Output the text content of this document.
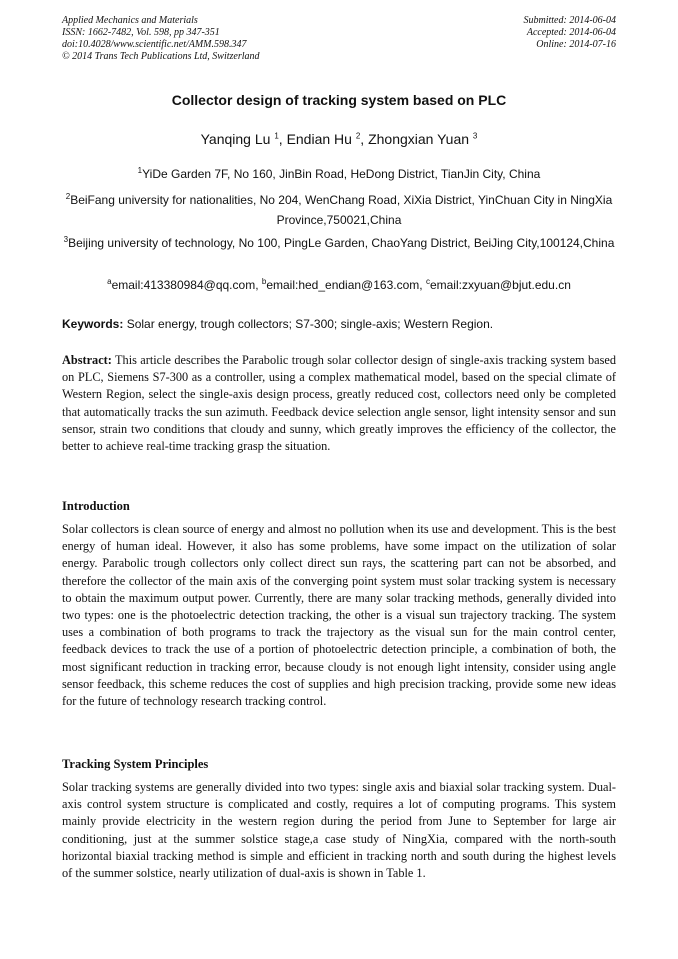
Applied Mechanics and Materials
ISSN: 1662-7482, Vol. 598, pp 347-351
doi:10.4028/www.scientific.net/AMM.598.347
© 2014 Trans Tech Publications Ltd, Switzerland
Submitted: 2014-06-04
Accepted: 2014-06-04
Online: 2014-07-16
Collector design of tracking system based on PLC
Yanqing Lu $^1$, Endian Hu $^2$, Zhongxian Yuan $^3$
$^1$YiDe Garden 7F, No 160, JinBin Road, HeDong District, TianJin City, China
$^2$BeiFang university for nationalities, No 204, WenChang Road, XiXia District, YinChuan City in NingXia Province,750021,China
$^3$Beijing university of technology, No 100, PingLe Garden, ChaoYang District, BeiJing City,100124,China
$^a$email:413380984@qq.com, $^b$email:hed_endian@163.com, $^c$email:zxyuan@bjut.edu.cn
Keywords: Solar energy, trough collectors; S7-300; single-axis; Western Region.
Abstract: This article describes the Parabolic trough solar collector design of single-axis tracking system based on PLC, Siemens S7-300 as a controller, using a complex mathematical model, based on the special climate of Western Region, select the single-axis design process, greatly reduced cost, collectors need only be completed that automatically tracks the sun azimuth. Feedback device selection angle sensor, light intensity sensor and sun sensor, strain two conditions that cloudy and sunny, which greatly improves the efficiency of the collector, the better to achieve real-time tracking grasp the situation.
Introduction
Solar collectors is clean source of energy and almost no pollution when its use and development. This is the best energy of human ideal. However, it also has some problems, have some impact on the utilization of solar energy. Parabolic trough collectors only collect direct sun rays, the scattering part can not be absorbed, and therefore the collector of the main axis of the converging point system must solar tracking system is necessary to obtain the maximum output power. Currently, there are many solar tracking methods, generally divided into two types: one is the photoelectric detection tracking, the other is a visual sun trajectory tracking. The system uses a combination of both programs to track the trajectory as the visual sun for the main control center, feedback devices to track the use of a portion of photoelectric detection principle, a combination of both, the most significant reduction in tracking error, because cloudy is not enough light intensity, consider using angle sensor feedback, this scheme reduces the cost of supplies and high precision tracking, provide some new ideas for the future of technology research tracking control.
Tracking System Principles
Solar tracking systems are generally divided into two types: single axis and biaxial solar tracking system. Dual-axis control system structure is complicated and costly, requires a lot of computing programs. This system mainly provide electricity in the western region during the period from June to September for large air conditioning, just at the summer solstice stage,a case study of NingXia, compared with the north-south horizontal biaxial tracking method is simple and efficient in tracking north and south during the highest levels of the summer solstice, nearly utilization of dual-axis is shown in Table 1.
